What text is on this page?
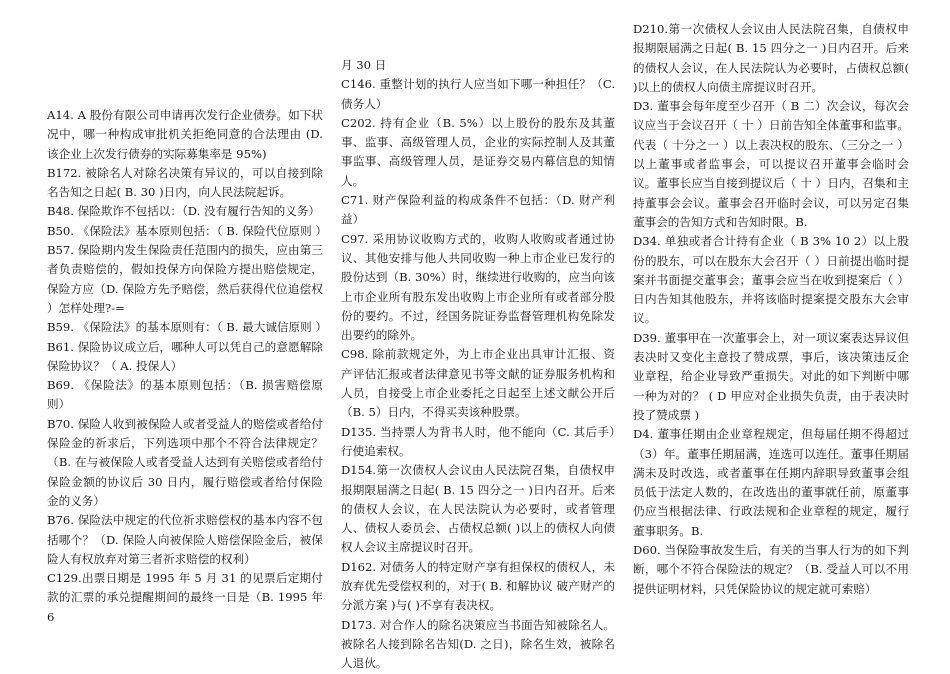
A14. A 股份有限公司申请再次发行企业债券。如下状况中，哪一种构成审批机关拒绝同意的合法理由 (D. 该企业上次发行债券的实际募集率是 95%)

B172. 被除名人对除名决策有异议的，可以自接到除名告知之日起( B. 30 )日内，向人民法院起诉。

B48. 保险欺诈不包括以：（D. 没有履行告知的义务）

B50. 《保险法》基本原则包括：（ B. 保险代位原则 ）

B57. 保险期内发生保险责任范围内的损失，应由第三者负责赔偿的，假如投保方向保险方提出赔偿规定，保险方应（D. 保险方先予赔偿，然后获得代位追偿权 ）怎样处理?-=

B59. 《保险法》的基本原则有：（ B. 最大诚信原则 ）

B61. 保险协议成立后，哪种人可以凭自己的意愿解除保险协议？（ A. 投保人）

B69. 《保险法》的基本原则包括：（B. 损害赔偿原则）

B70. 保险人收到被保险人或者受益人的赔偿或者给付保险金的祈求后，下列选项中那个不符合法律规定？（B. 在与被保险人或者受益人达到有关赔偿或者给付保险金额的协议后 30 日内，履行赔偿或者给付保险金的义务）

B76. 保险法中规定的代位祈求赔偿权的基本内容不包括哪个？（D. 保险人向被保险人赔偿保险金后，被保险人有权放弃对第三者祈求赔偿的权利）

C129.出票日期是 1995 年 5 月 31 的见票后定期付款的汇票的承兑提醒期间的最终一日是（B. 1995 年 6

月 30 日

C146. 重整计划的执行人应当如下哪一种担任？（C. 债务人）

C202. 持有企业（B. 5%）以上股份的股东及其董事、监事、高级管理人员，企业的实际控制人及其董事监事、高级管理人员，是证券交易内幕信息的知情人。

C71. 财产保险利益的构成条件不包括：（D. 财产利益）

C97. 采用协议收购方式的，收购人收购或者通过协议、其他安排与他人共同收购一种上市企业已发行的股份达到（B. 30%）时，继续进行收购的，应当向该上市企业所有股东发出收购上市企业所有或者部分股份的要约。不过，经国务院证券监督管理机构免除发出要约的除外。

C98. 除前款规定外，为上市企业出具审计汇报、资产评估汇报或者法律意见书等文献的证券服务机构和人员，自接受上市企业委托之日起至上述文献公开后（B. 5）日内，不得买卖该种股票。

D135. 当持票人为背书人时，他不能向（C. 其后手）行使追索权。

D154.第一次债权人会议由人民法院召集，自债权申报期限届满之日起( B. 15 四分之一 )日内召开。后来的债权人会议，在人民法院认为必要时，或者管理人、债权人委员会、占债权总额( )以上的债权人向债权人会议主席提议时召开。

D162. 对债务人的特定财产享有担保权的债权人，未放弃优先受偿权利的，对于( B. 和解协议 破产财产的分派方案 )与( )不享有表决权。

D173. 对合作人的除名决策应当书面告知被除名人。被除名人接到除名告知(D. 之日)，除名生效，被除名人退伙。

D210.第一次债权人会议由人民法院召集，自债权申报期限届满之日起( B. 15 四分之一 )日内召开。后来的债权人会议，在人民法院认为必要时，占债权总额( )以上的债权人向债主席提议时召开。

D3. 董事会每年度至少召开（ B 二）次会议，每次会议应当于会议召开（ 十 ）日前告知全体董事和监事。代表（ 十分之一 ）以上表决权的股东、（三分之一 ）以上董事或者监事会，可以提议召开董事会临时会议。董事长应当自接到提议后（ 十 ）日内，召集和主持董事会会议。董事会召开临时会议，可以另定召集董事会的告知方式和告知时限。B.

D34. 单独或者合计持有企业（ B 3% 10 2）以上股份的股东，可以在股东大会召开（ ）日前提出临时提案并书面提交董事会；董事会应当在收到提案后（ ）日内告知其他股东，并将该临时提案提交股东大会审议。

D39. 董事甲在一次董事会上，对一项议案表达异议但表决时又变化主意投了赞成票，事后，该决策违反企业章程，给企业导致严重损失。对此的如下判断中哪一种为对的？ ( D 甲应对企业损失负责，由于表决时投了赞成票 )

D4. 董事任期由企业章程规定，但每届任期不得超过（3）年。董事任期届满，连选可以连任。董事任期届满未及时改选，或者董事在任期内辞职导致董事会组员低于法定人数的，在改选出的董事就任前，原董事仍应当根据法律、行政法规和企业章程的规定，履行董事职务。B.

D60. 当保险事故发生后，有关的当事人行为的如下判断，哪个不符合保险法的规定？（B. 受益人可以不用提供证明材料，只凭保险协议的规定就可索赔）
